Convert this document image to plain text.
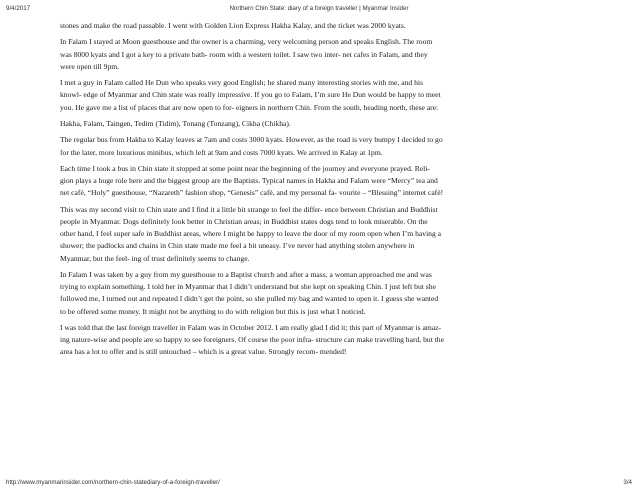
9/4/2017	Northern Chin State: diary of a foreign traveller | Myanmar Insider

stones and make the road passable. I went with Golden Lion Express Hakha Kalay, and the ticket was 2000 kyats.

In Falam I stayed at Moon guesthouse and the owner is a charming, very welcoming person and speaks English. The room was 8000 kyats and I got a key to a private bath- room with a western toilet. I saw two inter- net cafes in Falam, and they were open till 9pm.

I met a guy in Falam called He Dun who speaks very good English; he shared many interesting stories with me, and his knowl- edge of Myanmar and Chin state was really impressive. If you go to Falam, I’m sure He Dun would be happy to meet you. He gave me a list of places that are now open to for- eigners in northern Chin. From the south, heading north, these are:

Hakha, Falam, Taingen, Tedim (Tidim), Tonang (Tonzang), Cikha (Chikha).

The regular bus from Hakha to Kalay leaves at 7am and costs 3000 kyats. However, as the road is very bumpy I decided to go for the later, more luxurious minibus, which left at 9am and costs 7000 kyats. We arrived in Kalay at 1pm.

Each time I took a bus in Chin state it stopped at some point near the beginning of the journey and everyone prayed. Reli- gion plays a huge role here and the biggest group are the Baptists. Typical names in Hakha and Falam were “Mercy” tea and net café, “Holy” guesthouse, “Nazareth” fashion shop, “Genesis” café, and my personal fa- vourite – “Blessing” internet café!

This was my second visit to Chin state and I find it a little bit strange to feel the differ- ence between Christian and Buddhist people in Myanmar. Dogs definitely look better in Christian areas; in Buddhist states dogs tend to look miserable. On the other hand, I feel super safe in Buddhist areas, where I might be happy to leave the door of my room open when I’m having a shower; the padlocks and chains in Chin state made me feel a bit uneasy. I’ve never had anything stolen anywhere in Myanmar, but the feel- ing of trust definitely seems to change.

In Falam I was taken by a guy from my guesthouse to a Baptist church and after a mass, a woman approached me and was trying to explain something. I told her in Myanmar that I didn’t understand but she kept on speaking Chin. I just left but she followed me, I turned out and repeated I didn’t get the point, so she pulled my bag and wanted to open it. I guess she wanted to be offered some money. It might not be anything to do with religion but this is just what I noticed.

I was told that the last foreign traveller in Falam was in October 2012. I am really glad I did it; this part of Myanmar is amaz- ing nature-wise and people are so happy to see foreigners. Of course the poor infra- structure can make travelling hard, but the area has a lot to offer and is still untouched – which is a great value. Strongly recom- mended!

http://www.myanmarinsider.com/northern-chin-statediary-of-a-foreign-traveller/	3/4
